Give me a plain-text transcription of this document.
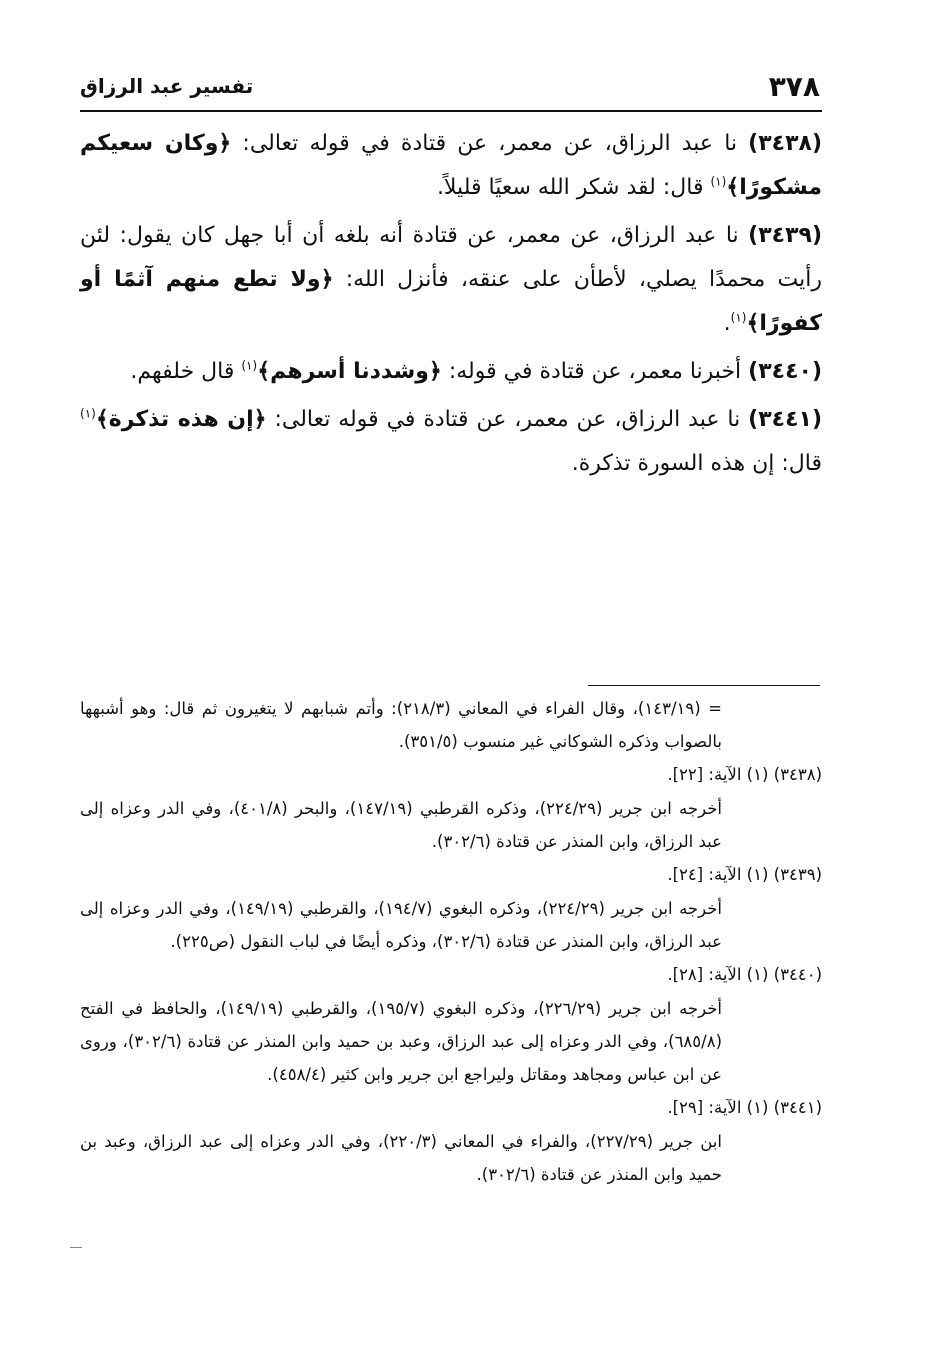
٣٧٨
تفسير عبد الرزاق

(٣٤٣٨) نا عبد الرزاق، عن معمر، عن قتادة في قوله تعالى: ﴿وكان سعيكم مشكورًا﴾$^{(١)}$ قال: لقد شكر الله سعيًا قليلاً.

(٣٤٣٩) نا عبد الرزاق، عن معمر، عن قتادة أنه بلغه أن أبا جهل كان يقول: لئن رأيت محمدًا يصلي، لأطأن على عنقه، فأنزل الله: ﴿ولا تطع منهم آثمًا أو كفورًا﴾$^{(١)}$.

(٣٤٤٠) أخبرنا معمر، عن قتادة في قوله: ﴿وشددنا أسرهم﴾$^{(١)}$ قال خلفهم.

(٣٤٤١) نا عبد الرزاق، عن معمر، عن قتادة في قوله تعالى: ﴿إن هذه تذكرة﴾$^{(١)}$ قال: إن هذه السورة تذكرة.

= (١٤٣/١٩)، وقال الفراء في المعاني (٢١٨/٣): وأتم شبابهم لا يتغيرون ثم قال: وهو أشبهها بالصواب وذكره الشوكاني غير منسوب (٣٥١/٥).
(٣٤٣٨) (١) الآية: [٢٢].
أخرجه ابن جرير (٢٢٤/٢٩)، وذكره القرطبي (١٤٧/١٩)، والبحر (٤٠١/٨)، وفي الدر وعزاه إلى عبد الرزاق، وابن المنذر عن قتادة (٣٠٢/٦).
(٣٤٣٩) (١) الآية: [٢٤].
أخرجه ابن جرير (٢٢٤/٢٩)، وذكره البغوي (١٩٤/٧)، والقرطبي (١٤٩/١٩)، وفي الدر وعزاه إلى عبد الرزاق، وابن المنذر عن قتادة (٣٠٢/٦)، وذكره أيضًا في لباب النقول (ص٢٢٥).
(٣٤٤٠) (١) الآية: [٢٨].
أخرجه ابن جرير (٢٢٦/٢٩)، وذكره البغوي (١٩٥/٧)، والقرطبي (١٤٩/١٩)، والحافظ في الفتح (٦٨٥/٨)، وفي الدر وعزاه إلى عبد الرزاق، وعبد بن حميد وابن المنذر عن قتادة (٣٠٢/٦)، وروى عن ابن عباس ومجاهد ومقاتل وليراجع ابن جرير وابن كثير (٤٥٨/٤).
(٣٤٤١) (١) الآية: [٢٩].
ابن جرير (٢٢٧/٢٩)، والفراء في المعاني (٢٢٠/٣)، وفي الدر وعزاه إلى عبد الرزاق، وعبد بن حميد وابن المنذر عن قتادة (٣٠٢/٦).
